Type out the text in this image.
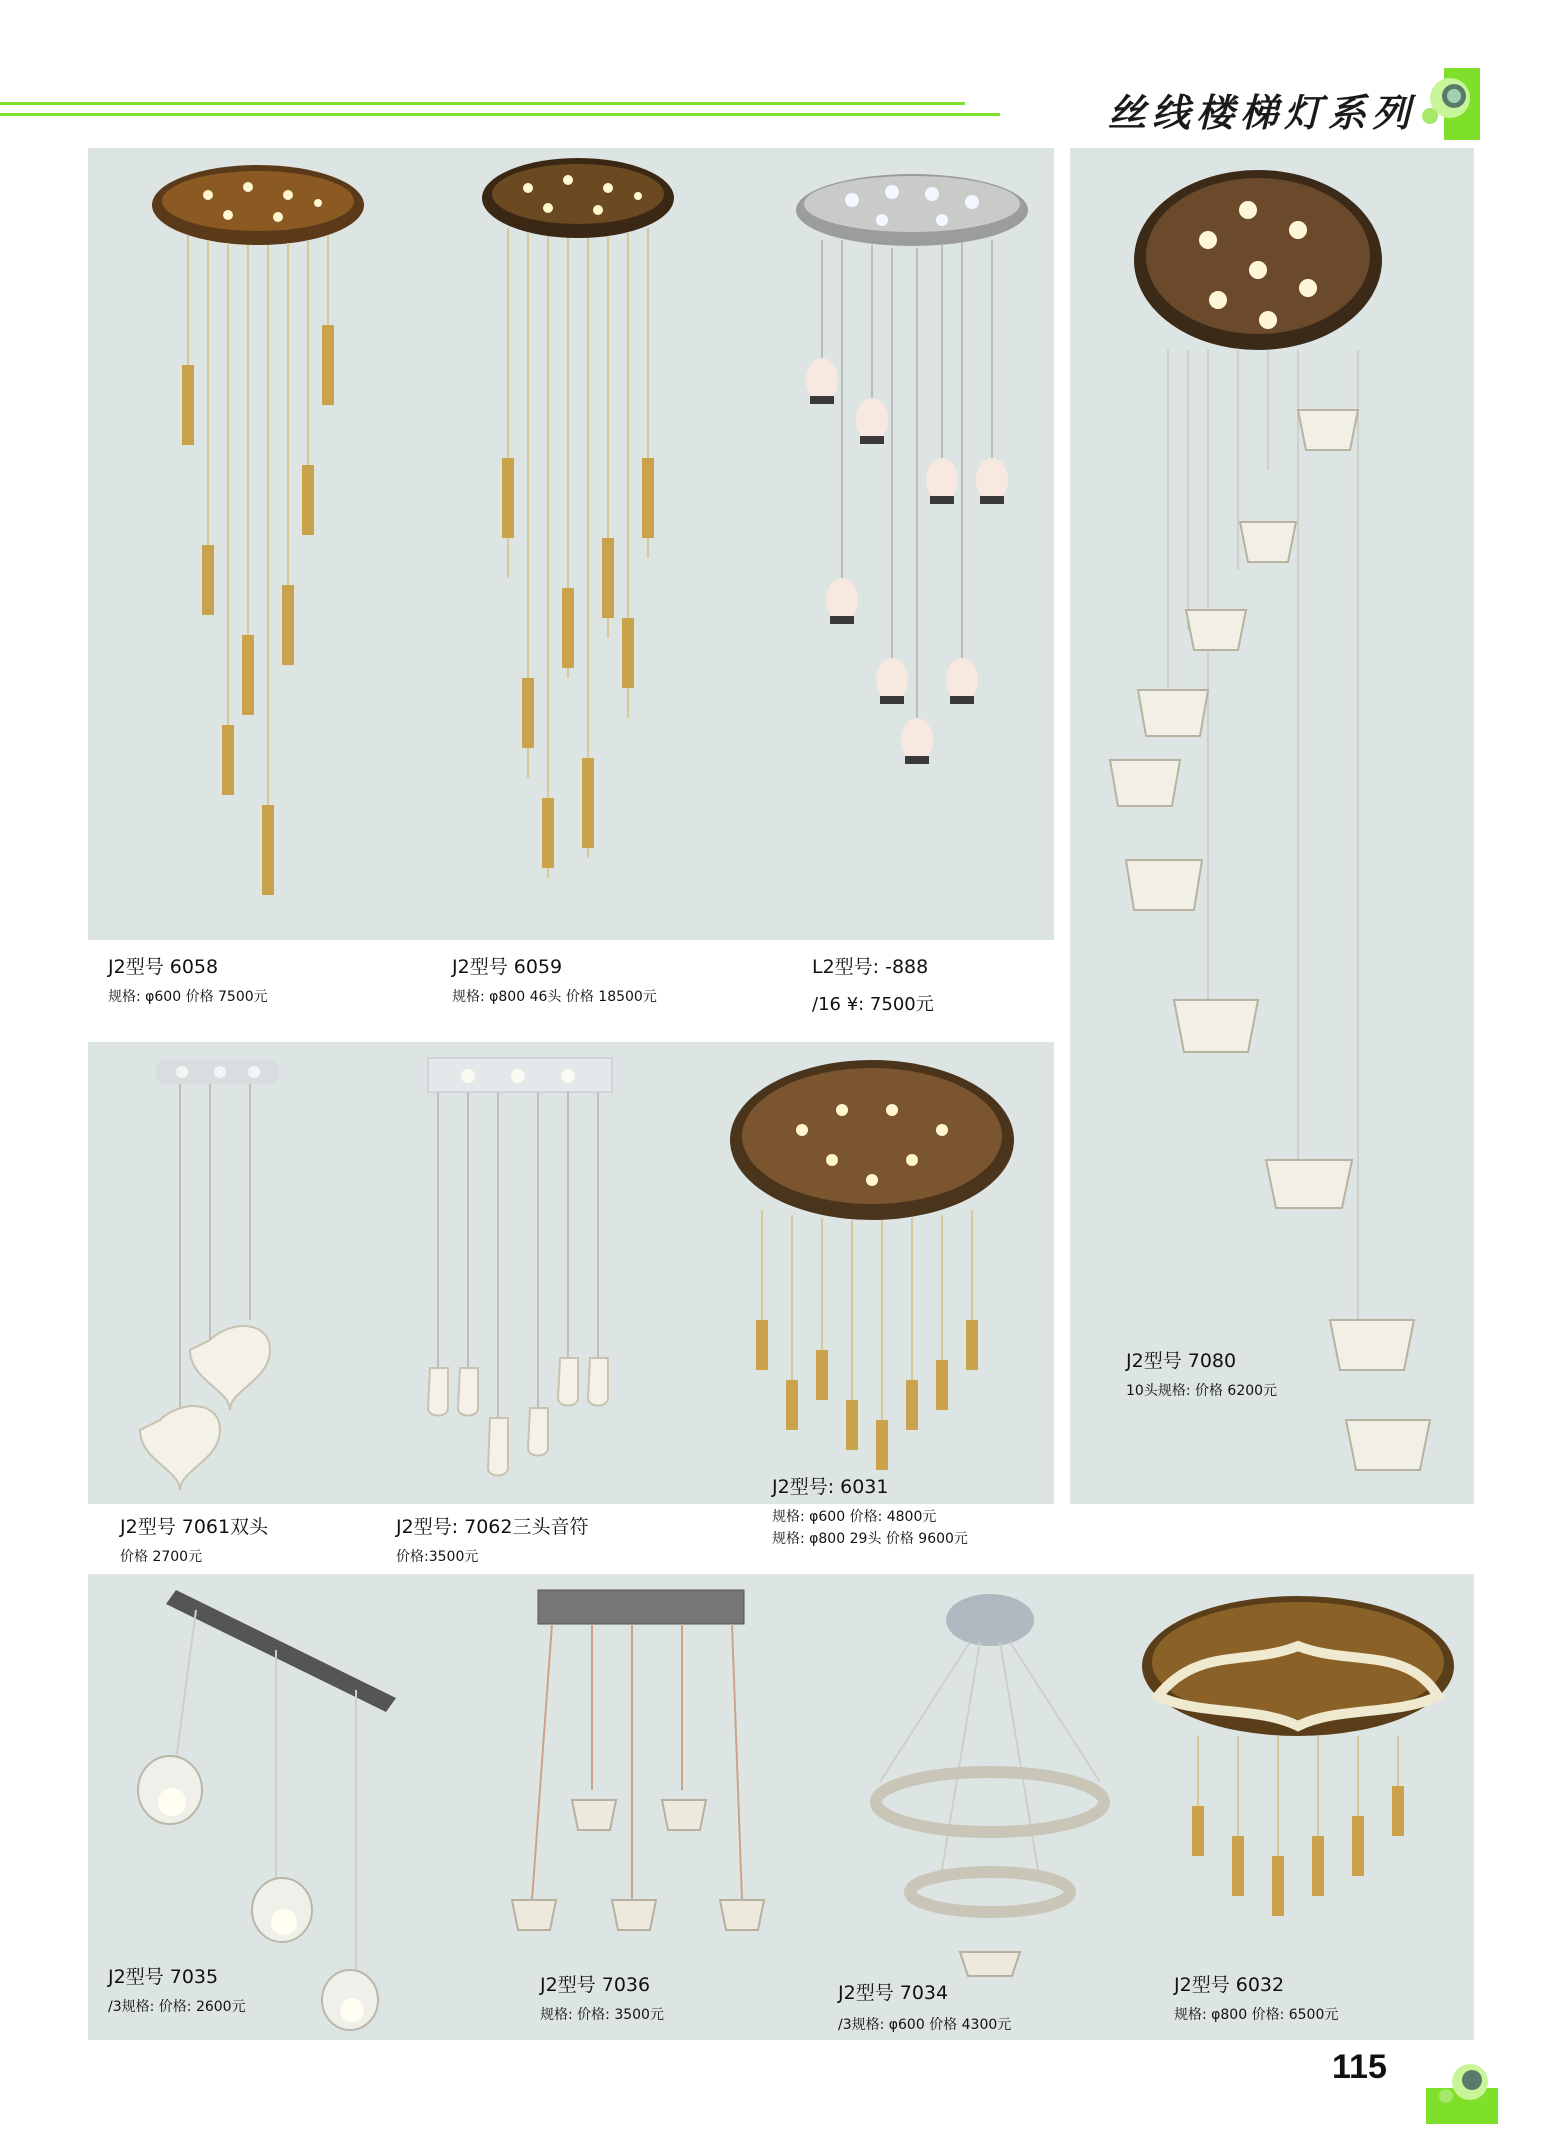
丝线楼梯灯系列
J2型号 6058
规格: φ600 价格 7500元
J2型号 6059
规格: φ800 46头 价格 18500元
L2型号: -888
/16 ¥: 7500元
J2型号 7080
10头规格: 价格 6200元
J2型号 7061双头
价格 2700元
J2型号: 7062三头音符
价格:3500元
J2型号: 6031
规格: φ600 价格: 4800元
规格: φ800 29头 价格 9600元
J2型号 7035
/3规格: 价格: 2600元
J2型号 7036
规格: 价格: 3500元
J2型号 7034
/3规格: φ600 价格 4300元
J2型号 6032
规格: φ800 价格: 6500元
115
